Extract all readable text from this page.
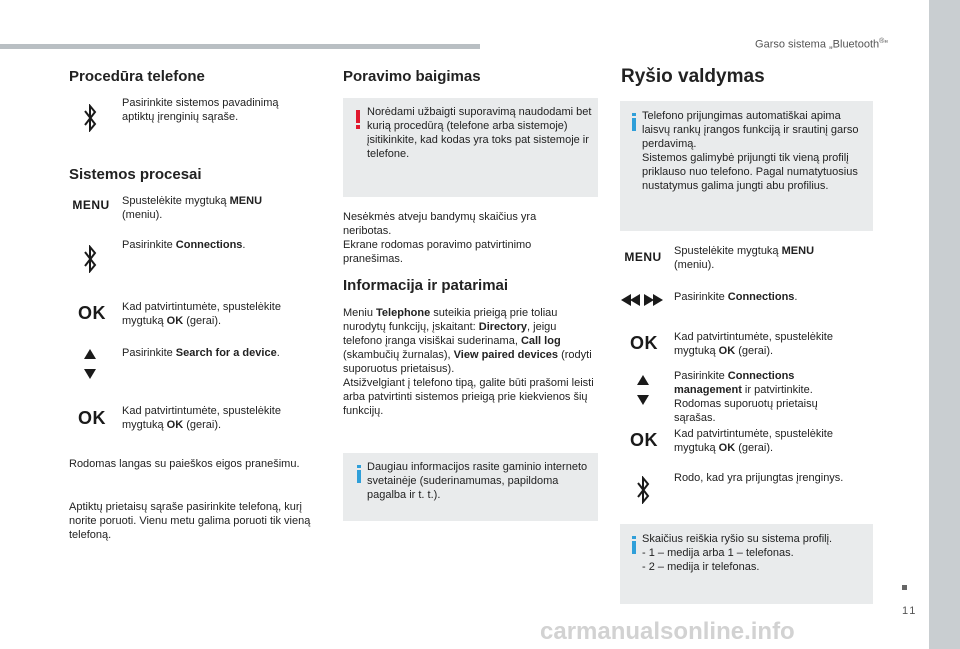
Garso sistema „Bluetooth®“
11
Procedūra telefone

Pasirinkite sistemos pavadinimą aptiktų įrenginių sąraše.

Sistemos procesai
MENU	Spustelėkite mygtuką MENU (meniu).

Pasirinkite Connections.

OK	Kad patvirtintumėte, spustelėkite mygtuką OK (gerai).

Pasirinkite Search for a device.

OK	Kad patvirtintumėte, spustelėkite mygtuką OK (gerai).

Rodomas langas su paieškos eigos pranešimu.

Aptiktų prietaisų sąraše pasirinkite telefoną, kurį norite poruoti. Vienu metu galima poruoti tik vieną telefoną.

Poravimo baigimas

Norėdami užbaigti suporavimą naudodami bet kurią procedūrą (telefone arba sistemoje) įsitikinkite, kad kodas yra toks pat sistemoje ir telefone.

Nesėkmės atveju bandymų skaičius yra neribotas.

Ekrane rodomas poravimo patvirtinimo pranešimas.

Informacija ir patarimai

Meniu Telephone suteikia prieigą prie toliau nurodytų funkcijų, įskaitant: Directory, jeigu telefono įranga visiškai suderinama, Call log (skambučių žurnalas), View paired devices (rodyti suporuotus prietaisus).
Atsižvelgiant į telefono tipą, galite būti prašomi leisti arba patvirtinti sistemos prieigą prie kiekvienos šių funkcijų.

Daugiau informacijos rasite gaminio interneto svetainėje (suderinamumas, papildoma pagalba ir t. t.).

Ryšio valdymas

Telefono prijungimas automatiškai apima laisvų rankų įrangos funkciją ir srautinį garso perdavimą.
Sistemos galimybė prijungti tik vieną profilį priklauso nuo telefono. Pagal numatytuosius nustatymus galima jungti abu profilius.

MENU	Spustelėkite mygtuką MENU (meniu).

Pasirinkite Connections.

OK	Kad patvirtintumėte, spustelėkite mygtuką OK (gerai).

Pasirinkite Connections management ir patvirtinkite.
Rodomas suporuotų prietaisų sąrašas.

OK	Kad patvirtintumėte, spustelėkite mygtuką OK (gerai).

Rodo, kad yra prijungtas įrenginys.

Skaičius reiškia ryšio su sistema profilį.
- 1 – medija arba 1 – telefonas.
- 2 – medija ir telefonas.

carmanualsonline.info
